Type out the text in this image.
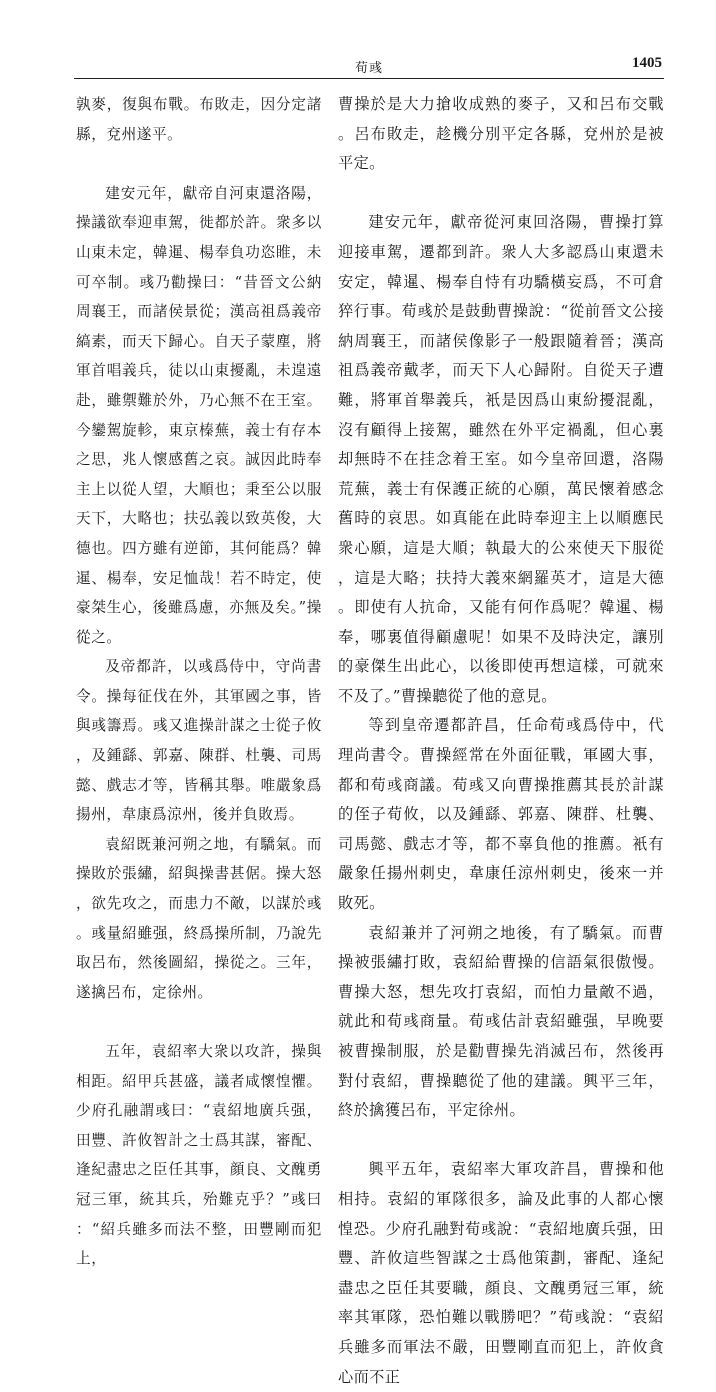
荀彧	1405

孰麥，復與布戰。布敗走，因分定諸縣，兗州遂平。

建安元年，獻帝自河東還洛陽，操議欲奉迎車駕，徙都於許。衆多以山東未定，韓暹、楊奉負功恣睢，未可卒制。彧乃勸操曰：“昔晉文公納周襄王，而諸侯景從；漢高祖爲義帝縞素，而天下歸心。自天子蒙塵，將軍首唱義兵，徒以山東擾亂，未遑遠赴，雖禦難於外，乃心無不在王室。今鑾駕旋軫，東京榛蕪，義士有存本之思，兆人懷感舊之哀。誠因此時奉主上以從人望，大順也；秉至公以服天下，大略也；扶弘義以致英俊，大德也。四方雖有逆節，其何能爲？韓暹、楊奉，安足恤哉！若不時定，使豪桀生心，後雖爲慮，亦無及矣。”操從之。

及帝都許，以彧爲侍中，守尚書令。操每征伐在外，其軍國之事，皆與彧籌焉。彧又進操計謀之士從子攸，及鍾繇、郭嘉、陳群、杜襲、司馬懿、戲志才等，皆稱其舉。唯嚴象爲揚州，韋康爲涼州，後并負敗焉。

袁紹既兼河朔之地，有驕氣。而操敗於張繡，紹與操書甚倨。操大怒，欲先攻之，而患力不敵，以謀於彧。彧量紹雖强，終爲操所制，乃說先取呂布，然後圖紹，操從之。三年，遂擒呂布，定徐州。

五年，袁紹率大衆以攻許，操與相距。紹甲兵甚盛，議者咸懷惶懼。少府孔融謂彧曰：“袁紹地廣兵强，田豐、許攸智計之士爲其謀，審配、逢紀盡忠之臣任其事，顔良、文醜勇冠三軍，統其兵，殆難克乎？”彧曰：“紹兵雖多而法不整，田豐剛而犯上，

曹操於是大力搶收成熟的麥子，又和呂布交戰。呂布敗走，趁機分別平定各縣，兗州於是被平定。

建安元年，獻帝從河東回洛陽，曹操打算迎接車駕，遷都到許。衆人大多認爲山東還未安定，韓暹、楊奉自恃有功驕橫妄爲，不可倉猝行事。荀彧於是鼓動曹操說：“從前晉文公接納周襄王，而諸侯像影子一般跟隨着晉；漢高祖爲義帝戴孝，而天下人心歸附。自從天子遭難，將軍首舉義兵，衹是因爲山東紛擾混亂，沒有顧得上接駕，雖然在外平定禍亂，但心裏却無時不在挂念着王室。如今皇帝回還，洛陽荒蕪，義士有保護正統的心願，萬民懷着感念舊時的哀思。如真能在此時奉迎主上以順應民衆心願，這是大順；執最大的公來使天下服從，這是大略；扶持大義來網羅英才，這是大德。即使有人抗命，又能有何作爲呢？韓暹、楊奉，哪裏值得顧慮呢！如果不及時決定，讓別的豪傑生出此心，以後即使再想這樣，可就來不及了。”曹操聽從了他的意見。

等到皇帝遷都許昌，任命荀彧爲侍中，代理尚書令。曹操經常在外面征戰，軍國大事，都和荀彧商議。荀彧又向曹操推薦其長於計謀的侄子荀攸，以及鍾繇、郭嘉、陳群、杜襲、司馬懿、戲志才等，都不辜負他的推薦。衹有嚴象任揚州刺史，韋康任涼州刺史，後來一并敗死。

袁紹兼并了河朔之地後，有了驕氣。而曹操被張繡打敗，袁紹給曹操的信語氣很傲慢。曹操大怒，想先攻打袁紹，而怕力量敵不過，就此和荀彧商量。荀彧估計袁紹雖强，早晚要被曹操制服，於是勸曹操先消滅呂布，然後再對付袁紹，曹操聽從了他的建議。興平三年，終於擒獲呂布，平定徐州。

興平五年，袁紹率大軍攻許昌，曹操和他相持。袁紹的軍隊很多，論及此事的人都心懷惶恐。少府孔融對荀彧說：“袁紹地廣兵强，田豐、許攸這些智謀之士爲他策劃，審配、逢紀盡忠之臣任其要職，顔良、文醜勇冠三軍，統率其軍隊，恐怕難以戰勝吧？”荀彧說：“袁紹兵雖多而軍法不嚴，田豐剛直而犯上，許攸貪心而不正
